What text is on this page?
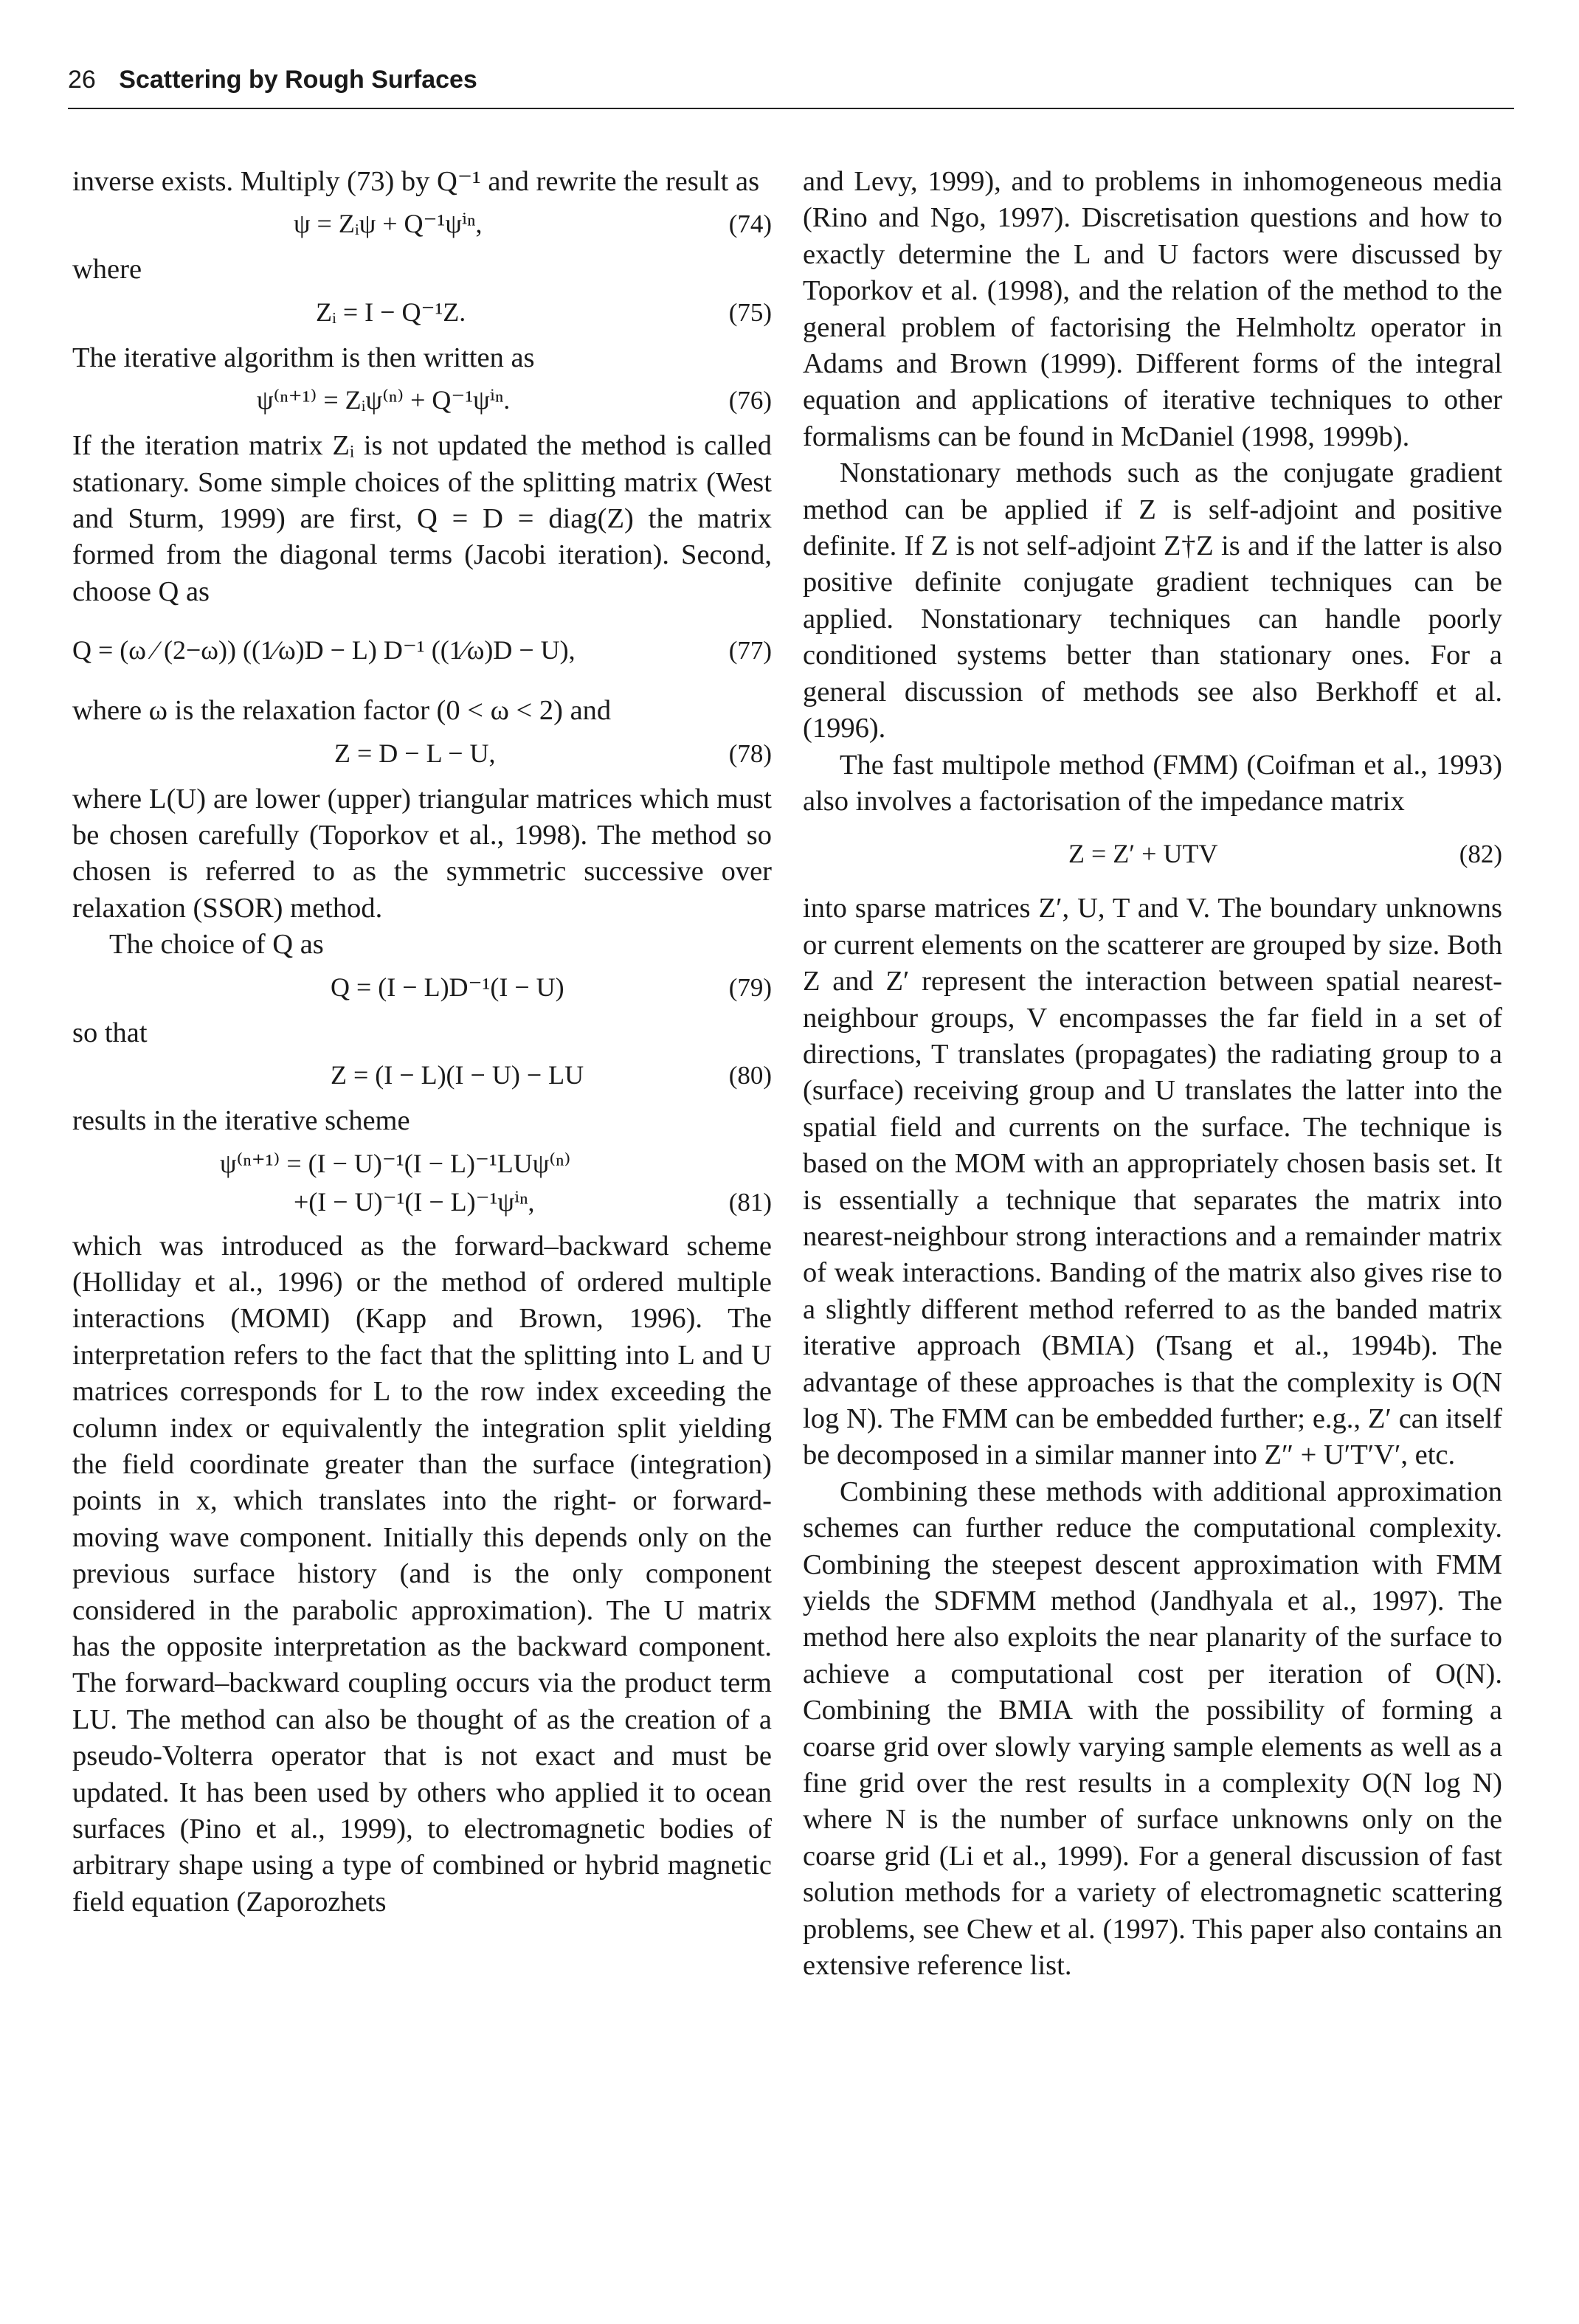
26 Scattering by Rough Surfaces

inverse exists. Multiply (73) by Q⁻¹ and rewrite the result as

ψ = Zᵢψ + Q⁻¹ψⁱⁿ,	(74)

where

Zᵢ = I − Q⁻¹Z.	(75)

The iterative algorithm is then written as

ψ⁽ⁿ⁺¹⁾ = Zᵢψ⁽ⁿ⁾ + Q⁻¹ψⁱⁿ.	(76)

If the iteration matrix Zᵢ is not updated the method is called stationary. Some simple choices of the splitting matrix (West and Sturm, 1999) are first, Q = D = diag(Z) the matrix formed from the diagonal terms (Jacobi iteration). Second, choose Q as

Q = (ω ⁄ (2−ω)) ((1⁄ω)D − L) D⁻¹ ((1⁄ω)D − U),	(77)

where ω is the relaxation factor (0 < ω < 2) and

Z = D − L − U,	(78)

where L(U) are lower (upper) triangular matrices which must be chosen carefully (Toporkov et al., 1998). The method so chosen is referred to as the symmetric successive over relaxation (SSOR) method.

The choice of Q as

Q = (I − L)D⁻¹(I − U)	(79)

so that

Z = (I − L)(I − U) − LU	(80)

results in the iterative scheme

ψ⁽ⁿ⁺¹⁾ = (I − U)⁻¹(I − L)⁻¹LUψ⁽ⁿ⁾
+(I − U)⁻¹(I − L)⁻¹ψⁱⁿ,	(81)

which was introduced as the forward–backward scheme (Holliday et al., 1996) or the method of ordered multiple interactions (MOMI) (Kapp and Brown, 1996). The interpretation refers to the fact that the splitting into L and U matrices corresponds for L to the row index exceeding the column index or equivalently the integration split yielding the field coordinate greater than the surface (integration) points in x, which translates into the right- or forward-moving wave component. Initially this depends only on the previous surface history (and is the only component considered in the parabolic approximation). The U matrix has the opposite interpretation as the backward component. The forward–backward coupling occurs via the product term LU. The method can also be thought of as the creation of a pseudo-Volterra operator that is not exact and must be updated. It has been used by others who applied it to ocean surfaces (Pino et al., 1999), to electromagnetic bodies of arbitrary shape using a type of combined or hybrid magnetic field equation (Zaporozhets

and Levy, 1999), and to problems in inhomogeneous media (Rino and Ngo, 1997). Discretisation questions and how to exactly determine the L and U factors were discussed by Toporkov et al. (1998), and the relation of the method to the general problem of factorising the Helmholtz operator in Adams and Brown (1999). Different forms of the integral equation and applications of iterative techniques to other formalisms can be found in McDaniel (1998, 1999b).

Nonstationary methods such as the conjugate gradient method can be applied if Z is self-adjoint and positive definite. If Z is not self-adjoint Z†Z is and if the latter is also positive definite conjugate gradient techniques can be applied. Nonstationary techniques can handle poorly conditioned systems better than stationary ones. For a general discussion of methods see also Berkhoff et al. (1996).

The fast multipole method (FMM) (Coifman et al., 1993) also involves a factorisation of the impedance matrix

Z = Z′ + UTV	(82)

into sparse matrices Z′, U, T and V. The boundary unknowns or current elements on the scatterer are grouped by size. Both Z and Z′ represent the interaction between spatial nearest-neighbour groups, V encompasses the far field in a set of directions, T translates (propagates) the radiating group to a (surface) receiving group and U translates the latter into the spatial field and currents on the surface. The technique is based on the MOM with an appropriately chosen basis set. It is essentially a technique that separates the matrix into nearest-neighbour strong interactions and a remainder matrix of weak interactions. Banding of the matrix also gives rise to a slightly different method referred to as the banded matrix iterative approach (BMIA) (Tsang et al., 1994b). The advantage of these approaches is that the complexity is O(N log N). The FMM can be embedded further; e.g., Z′ can itself be decomposed in a similar manner into Z″ + U′T′V′, etc.

Combining these methods with additional approximation schemes can further reduce the computational complexity. Combining the steepest descent approximation with FMM yields the SDFMM method (Jandhyala et al., 1997). The method here also exploits the near planarity of the surface to achieve a computational cost per iteration of O(N). Combining the BMIA with the possibility of forming a coarse grid over slowly varying sample elements as well as a fine grid over the rest results in a complexity O(N log N) where N is the number of surface unknowns only on the coarse grid (Li et al., 1999). For a general discussion of fast solution methods for a variety of electromagnetic scattering problems, see Chew et al. (1997). This paper also contains an extensive reference list.
